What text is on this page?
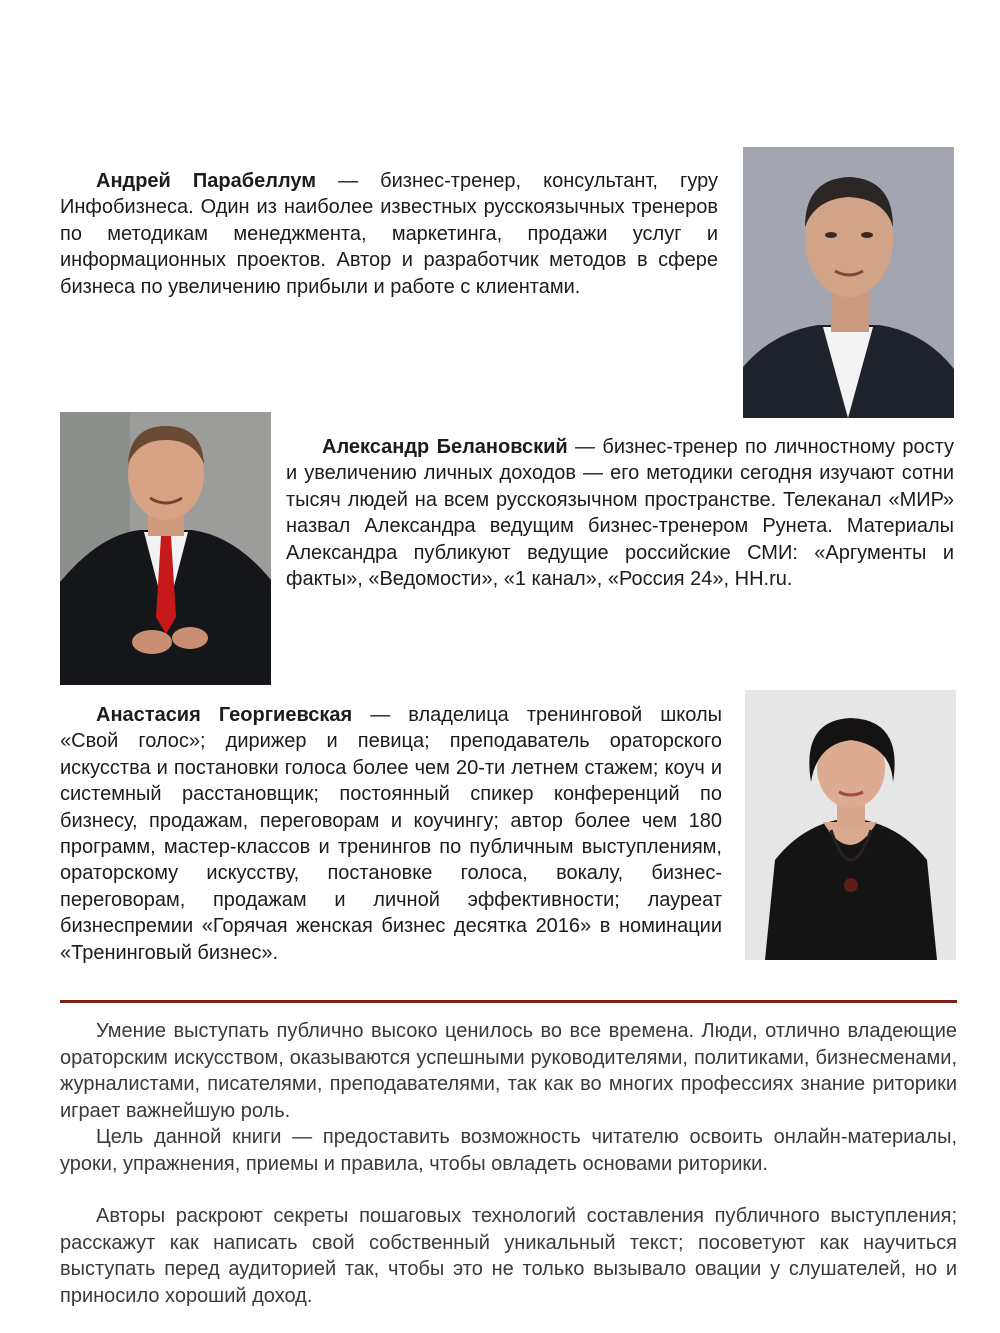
Андрей Парабеллум — бизнес-тренер, консультант, гуру Инфобизнеса. Один из наиболее известных русскоязычных тренеров по методикам менеджмента, маркетинга, продажи услуг и информационных проектов. Автор и разработчик методов в сфере бизнеса по увеличению прибыли и работе с клиентами.

Александр Белановский — бизнес-тренер по личностному росту и увеличению личных доходов — его методики сегодня изучают сотни тысяч людей на всем русскоязычном пространстве. Телеканал «МИР» назвал Александра ведущим бизнес-тренером Рунета. Материалы Александра публикуют ведущие российские СМИ: «Аргументы и факты», «Ведомости», «1 канал», «Россия 24», HH.ru.

Анастасия Георгиевская — владелица тренинговой школы «Свой голос»; дирижер и певица; преподаватель ораторского искусства и постановки голоса более чем 20-ти летнем стажем; коуч и системный расстановщик; постоянный спикер конференций по бизнесу, продажам, переговорам и коучингу; автор более чем 180 программ, мастер-классов и тренингов по публичным выступлениям, ораторскому искусству, постановке голоса, вокалу, бизнес-переговорам, продажам и личной эффективности; лауреат бизнеспремии «Горячая женская бизнес десятка 2016» в номинации «Тренинговый бизнес».

Умение выступать публично высоко ценилось во все времена. Люди, отлично владеющие ораторским искусством, оказываются успешными руководителями, политиками, бизнесменами, журналистами, писателями, преподавателями, так как во многих профессиях знание риторики играет важнейшую роль.

Цель данной книги — предоставить возможность читателю освоить онлайн-материалы, уроки, упражнения, приемы и правила, чтобы овладеть основами риторики.

Авторы раскроют секреты пошаговых технологий составления публичного выступления; расскажут как написать свой собственный уникальный текст; посоветуют как научиться выступать перед аудиторией так, чтобы это не только вызывало овации у слушателей, но и приносило хороший доход.
